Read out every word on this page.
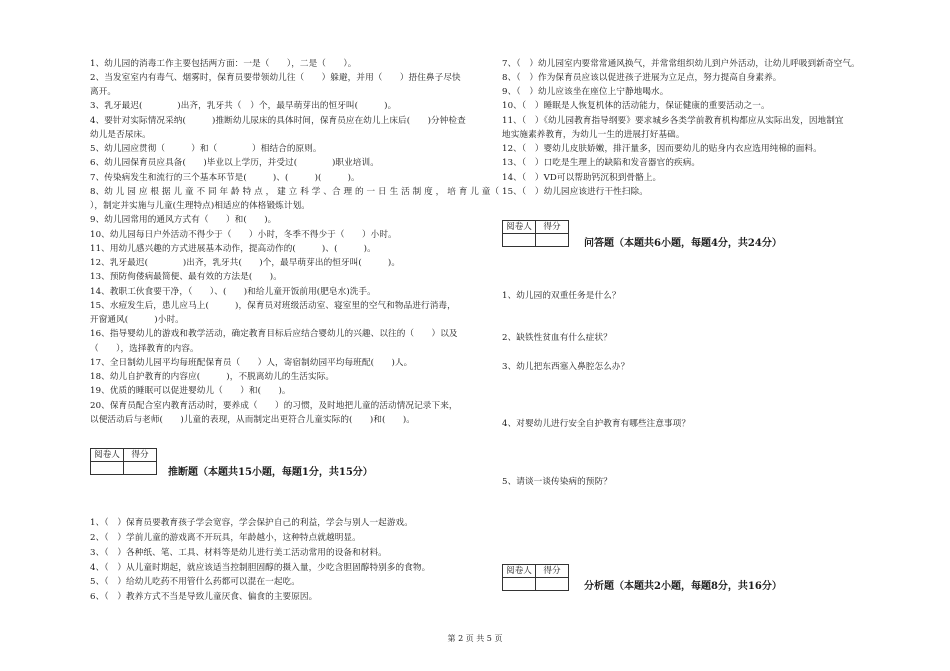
1、幼儿园的消毒工作主要包括两方面：一是（　　），二是（　　）。
2、当发室室内有毒气、烟雾时，保育员要带领幼儿往（　　）躲避，并用（　　）捂住鼻子尽快
离开。
3、乳牙最迟(　　　　)出齐，乳牙共（　）个，最早萌芽出的恒牙叫(　　　)。
4、要针对实际情况采纳(　　　)推断幼儿尿床的具体时间，保育员应在幼儿上床后(　　)分钟检查
幼儿是否尿床。
5、幼儿园应贯彻（　　　）和（　　　　）相结合的原则。
6、幼儿园保育员应具备(　　)毕业以上学历，并受过(　　　　)职业培训。
7、传染病发生和流行的三个基本环节是(　　　)、(　　　)(　　　)。
8、幼 儿 园 应 根 据 儿 童 不 同 年 龄 特 点 ， 建 立 科 学 、合 理 的 一 日 生 活 制 度 ， 培 育 儿 童（　　
），制定并实施与儿童(生理特点)相适应的体格锻炼计划。
9、幼儿园常用的通风方式有（　　）和(　　)。
10、幼儿园每日户外活动不得少于（　　）小时，冬季不得少于（　　）小时。
11、用幼儿感兴趣的方式进展基本动作，提高动作的(　　　)、(　　　)。
12、乳牙最迟(　　　　)出齐，乳牙共(　　)个，最早萌芽出的恒牙叫(　　　)。
13、预防佝偻病最简便、最有效的方法是(　　)。
14、教职工伙食要干净，（　　）、(　　)和给儿童开饭前用(肥皂水)洗手。
15、水痘发生后，患儿应马上(　　　)，保育员对班级活动室、寝室里的空气和物品进行消毒，
开窗通风(　　　)小时。
16、指导婴幼儿的游戏和教学活动，确定教育目标后应结合婴幼儿的兴趣、以往的（　　）以及
（　　），选择教育的内容。
17、全日制幼儿园平均每班配保育员（　　）人，寄宿制幼园平均每班配(　　)人。
18、幼儿自护教育的内容应(　　　)，不脱离幼儿的生活实际。
19、优质的睡眠可以促进婴幼儿（　　）和(　　)。
20、保育员配合室内教育活动时，要养成（　　）的习惯，及时地把儿童的活动情况记录下来，
以便活动后与老师(　　)儿童的表现，从而制定出更符合儿童实际的(　　)和(　　)。
阅卷人	得分

推断题（本题共15小题，每题1分，共15分）
1、（　）保育员要教育孩子学会宽容，学会保护自己的利益，学会与别人一起游戏。
2、（　）学前儿童的游戏离不开玩具，年龄越小，这种特点就越明显。
3、（　）各种纸、笔、工具、材料等是幼儿进行美工活动常用的设备和材料。
4、（　）从儿童时期起，就应该适当控制胆固醇的摄入量，少吃含胆固醇特别多的食物。
5、（　）给幼儿吃药不用管什么药都可以混在一起吃。
6、（　）教养方式不当是导致儿童厌食、偏食的主要原因。
7、（　）幼儿园室内要常常通风换气，并常常组织幼儿到户外活动，让幼儿呼吸到新奇空气。
8、（　）作为保育员应该以促进孩子进展为立足点，努力提高自身素养。
9、（　）幼儿应该坐在座位上宁静地喝水。
10、（　）睡眠是人恢复机体的活动能力，保证健康的重要活动之一。
11、（　）《幼儿园教育指导纲要》要求城乡各类学前教育机构都应从实际出发，因地制宜
地实施素养教育，为幼儿一生的进展打好基础。
12、（　）婴幼儿皮肤娇嫩，排汗量多，因而要幼儿的贴身内衣应选用纯棉的面料。
13、（　）口吃是生理上的缺陷和发音器官的疾病。
14、（　）VD可以帮助钙沉积到骨骼上。
15、（　）幼儿园应该进行干性扫除。
阅卷人	得分

问答题（本题共6小题，每题4分，共24分）
1、幼儿园的双重任务是什么？
2、缺铁性贫血有什么症状？
3、幼儿把东西塞入鼻腔怎么办？
4、对婴幼儿进行安全自护教育有哪些注意事项？
5、请谈一谈传染病的预防？
阅卷人	得分

分析题（本题共2小题，每题8分，共16分）
第 2 页 共 5 页
